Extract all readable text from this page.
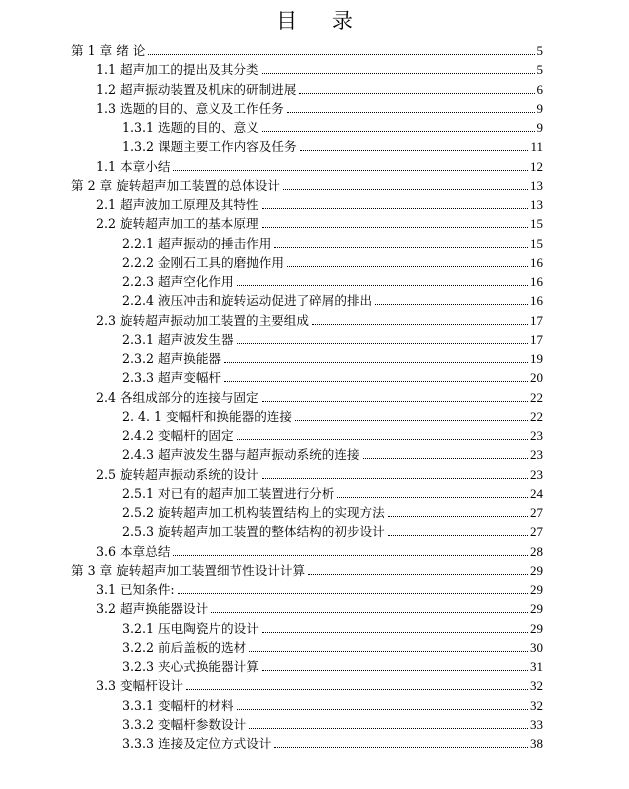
目 录
第 1 章 绪 论	5
1.1 超声加工的提出及其分类	5
1.2 超声振动装置及机床的研制进展	6
1.3 选题的目的、意义及工作任务	9
1.3.1 选题的目的、意义	9
1.3.2 课题主要工作内容及任务	11
1.1 本章小结	12
第 2 章 旋转超声加工装置的总体设计	13
2.1 超声波加工原理及其特性	13
2.2 旋转超声加工的基本原理	15
2.2.1 超声振动的捶击作用	15
2.2.2 金刚石工具的磨抛作用	16
2.2.3 超声空化作用	16
2.2.4 液压冲击和旋转运动促进了碎屑的排出	16
2.3 旋转超声振动加工装置的主要组成	17
2.3.1 超声波发生器	17
2.3.2 超声换能器	19
2.3.3 超声变幅杆	20
2.4 各组成部分的连接与固定	22
2. 4. 1 变幅杆和换能器的连接	22
2.4.2 变幅杆的固定	23
2.4.3 超声波发生器与超声振动系统的连接	23
2.5 旋转超声振动系统的设计	23
2.5.1 对已有的超声加工装置进行分析	24
2.5.2 旋转超声加工机构装置结构上的实现方法	27
2.5.3 旋转超声加工装置的整体结构的初步设计	27
3.6 本章总结	28
第 3 章 旋转超声加工装置细节性设计计算	29
3.1 已知条件:	29
3.2 超声换能器设计	29
3.2.1 压电陶瓷片的设计	29
3.2.2 前后盖板的选材	30
3.2.3 夹心式换能器计算	31
3.3 变幅杆设计	32
3.3.1 变幅杆的材料	32
3.3.2 变幅杆参数设计	33
3.3.3 连接及定位方式设计	38
